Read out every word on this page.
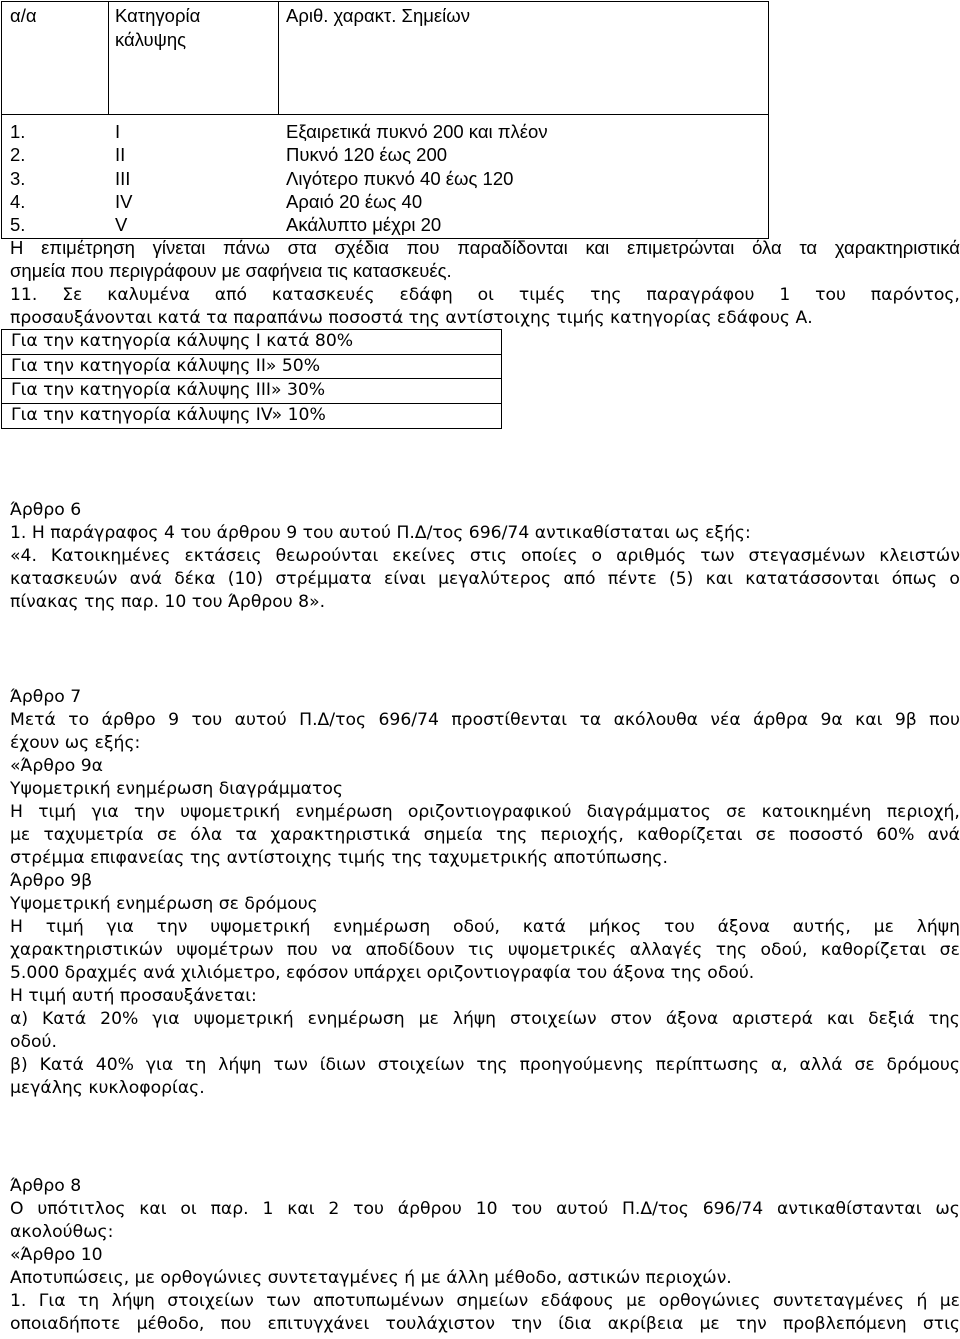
α/α	Κατηγορία
κάλυψης
Αριθ. χαρακτ. Σημείων
1.
2.
3.
4.
5.
I
II
III
IV
V
Εξαιρετικά πυκνό 200 και πλέον
Πυκνό 120 έως 200
Λιγότερο πυκνό 40 έως 120
Αραιό 20 έως 40
Ακάλυπτο μέχρι 20
Η επιμέτρηση γίνεται πάνω στα σχέδια που παραδίδονται και επιμετρώνται όλα τα χαρακτηριστικά
σημεία που περιγράφουν με σαφήνεια τις κατασκευές.
11. Σε καλυμένα από κατασκευές εδάφη οι τιμές της παραγράφου 1 του παρόντος,
προσαυξάνονται κατά τα παραπάνω ποσοστά της αντίστοιχης τιμής κατηγορίας εδάφους Α.
Για την κατηγορία κάλυψης I κατά 80%
Για την κατηγορία κάλυψης II» 50%
Για την κατηγορία κάλυψης III» 30%
Για την κατηγορία κάλυψης IV» 10%
Άρθρο 6
1. Η παράγραφος 4 του άρθρου 9 του αυτού Π.Δ/τος 696/74 αντικαθίσταται ως εξής:
«4. Κατοικημένες εκτάσεις θεωρούνται εκείνες στις οποίες ο αριθμός των στεγασμένων κλειστών
κατασκευών ανά δέκα (10) στρέμματα είναι μεγαλύτερος από πέντε (5) και κατατάσσονται όπως ο
πίνακας της παρ. 10 του Άρθρου 8».
Άρθρο 7
Μετά το άρθρο 9 του αυτού Π.Δ/τος 696/74 προστίθενται τα ακόλουθα νέα άρθρα 9α και 9β που
έχουν ως εξής:
«Άρθρο 9α
Υψομετρική ενημέρωση διαγράμματος
Η τιμή για την υψομετρική ενημέρωση οριζοντιογραφικού διαγράμματος σε κατοικημένη περιοχή,
με ταχυμετρία σε όλα τα χαρακτηριστικά σημεία της περιοχής, καθορίζεται σε ποσοστό 60% ανά
στρέμμα επιφανείας της αντίστοιχης τιμής της ταχυμετρικής αποτύπωσης.
Άρθρο 9β
Υψομετρική ενημέρωση σε δρόμους
Η τιμή για την υψομετρική ενημέρωση οδού, κατά μήκος του άξονα αυτής, με λήψη
χαρακτηριστικών υψομέτρων που να αποδίδουν τις υψομετρικές αλλαγές της οδού, καθορίζεται σε
5.000 δραχμές ανά χιλιόμετρο, εφόσον υπάρχει οριζοντιογραφία του άξονα της οδού.
Η τιμή αυτή προσαυξάνεται:
α) Κατά 20% για υψομετρική ενημέρωση με λήψη στοιχείων στον άξονα αριστερά και δεξιά της
οδού.
β) Κατά 40% για τη λήψη των ίδιων στοιχείων της προηγούμενης περίπτωσης α, αλλά σε δρόμους
μεγάλης κυκλοφορίας.
Άρθρο 8
Ο υπότιτλος και οι παρ. 1 και 2 του άρθρου 10 του αυτού Π.Δ/τος 696/74 αντικαθίστανται ως
ακολούθως:
«Άρθρο 10
Αποτυπώσεις, με ορθογώνιες συντεταγμένες ή με άλλη μέθοδο, αστικών περιοχών.
1. Για τη λήψη στοιχείων των αποτυπωμένων σημείων εδάφους με ορθογώνιες συντεταγμένες ή με
οποιαδήποτε μέθοδο, που επιτυγχάνει τουλάχιστον την ίδια ακρίβεια με την προβλεπόμενη στις
